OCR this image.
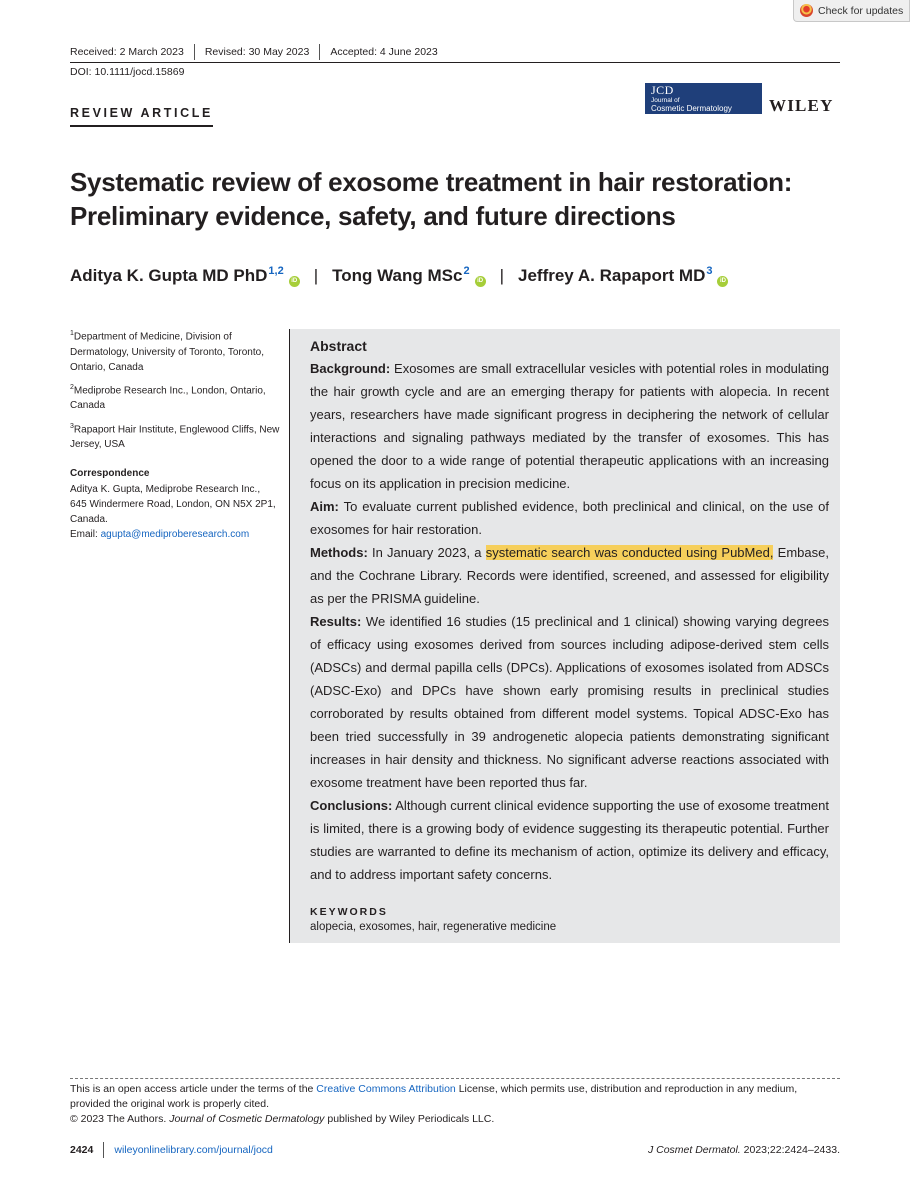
Check for updates
Received: 2 March 2023 Revised: 30 May 2023 Accepted: 4 June 2023
DOI: 10.1111/jocd.15869
REVIEW ARTICLE
JCD
Journal of
Cosmetic Dermatology	WILEY
Systematic review of exosome treatment in hair restoration:
Preliminary evidence, safety, and future directions
Aditya K. Gupta MD PhD 1,2
iD | Tong Wang MSc 2
iD | Jeffrey A. Rapaport MD 3
iD
$^1$Department of Medicine, Division of Dermatology, University of Toronto, Toronto, Ontario, Canada
$^2$Mediprobe Research Inc., London, Ontario, Canada
$^3$Rapaport Hair Institute, Englewood Cliffs, New Jersey, USA
Correspondence
Aditya K. Gupta, Mediprobe Research Inc.,
645 Windermere Road, London, ON N5X 2P1, Canada.
Email: agupta@mediproberesearch.com
Abstract

Background: Exosomes are small extracellular vesicles with potential roles in modulating the hair growth cycle and are an emerging therapy for patients with alopecia. In recent years, researchers have made significant progress in deciphering the network of cellular interactions and signaling pathways mediated by the transfer of exosomes. This has opened the door to a wide range of potential therapeutic applications with an increasing focus on its application in precision medicine.

Aim: To evaluate current published evidence, both preclinical and clinical, on the use of exosomes for hair restoration.

Methods: In January 2023, a systematic search was conducted using PubMed, Embase, and the Cochrane Library. Records were identified, screened, and assessed for eligibility as per the PRISMA guideline.

Results: We identified 16 studies (15 preclinical and 1 clinical) showing varying degrees of efficacy using exosomes derived from sources including adipose-derived stem cells (ADSCs) and dermal papilla cells (DPCs). Applications of exosomes isolated from ADSCs (ADSC-Exo) and DPCs have shown early promising results in preclinical studies corroborated by results obtained from different model systems. Topical ADSC-Exo has been tried successfully in 39 androgenetic alopecia patients demonstrating significant increases in hair density and thickness. No significant adverse reactions associated with exosome treatment have been reported thus far.

Conclusions: Although current clinical evidence supporting the use of exosome treatment is limited, there is a growing body of evidence suggesting its therapeutic potential. Further studies are warranted to define its mechanism of action, optimize its delivery and efficacy, and to address important safety concerns.

KEYWORDS
alopecia, exosomes, hair, regenerative medicine
This is an open access article under the terms of the Creative Commons Attribution License, which permits use, distribution and reproduction in any medium, provided the original work is properly cited.
© 2023 The Authors. Journal of Cosmetic Dermatology published by Wiley Periodicals LLC.
2424 wileyonlinelibrary.com/journal/jocd	J Cosmet Dermatol. 2023;22:2424–2433.
